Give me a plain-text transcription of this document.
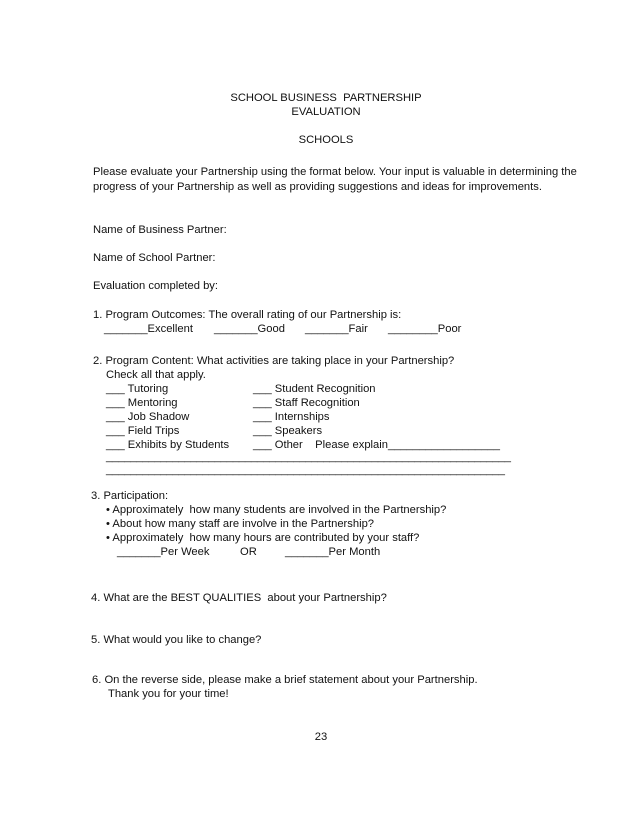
SCHOOL BUSINESS  PARTNERSHIP
EVALUATION
SCHOOLS
Please evaluate your Partnership using the format below. Your input is valuable in determining the
progress of your Partnership as well as providing suggestions and ideas for improvements.
Name of Business Partner:
Name of School Partner:
Evaluation completed by:
1. Program Outcomes: The overall rating of our Partnership is:
_______Excellent _______Good _______Fair ________Poor
2. Program Content: What activities are taking place in your Partnership?
Check all that apply.
___ Tutoring
___ Mentoring
___ Job Shadow
___ Field Trips
___ Exhibits by Students
___ Student Recognition
___ Staff Recognition
___ Internships
___ Speakers
___ Other    Please explain__________________
___________________________________________________________________
__________________________________________________________________
3. Participation:
• Approximately  how many students are involved in the Partnership?
• About how many staff are involve in the Partnership?
• Approximately  how many hours are contributed by your staff?
_______Per Week	OR	_______Per Month
4. What are the BEST QUALITIES  about your Partnership?
5. What would you like to change?
6. On the reverse side, please make a brief statement about your Partnership.
Thank you for your time!
23
